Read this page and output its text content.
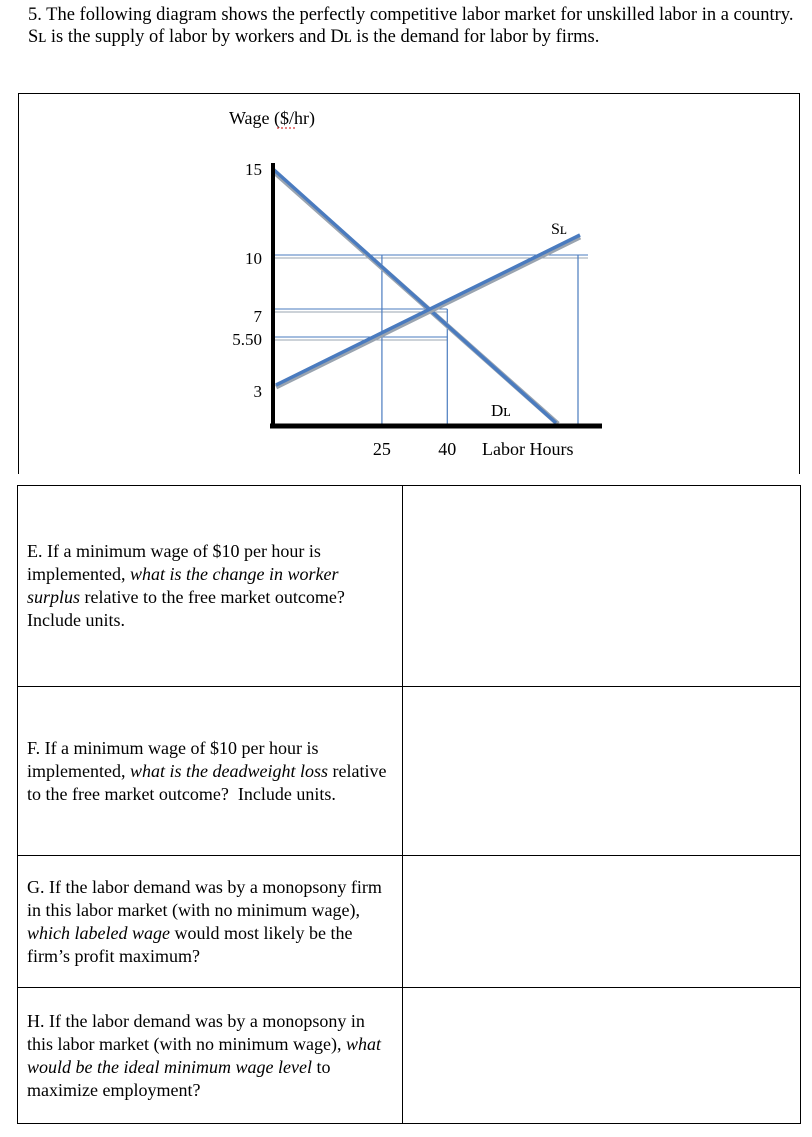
5. The following diagram shows the perfectly competitive labor market for unskilled labor in a country.

Sʟ is the supply of labor by workers and Dʟ is the demand for labor by firms.

Wage ($/hr)
15
10
7
5.50
3
25	40
Sʟ
Dʟ
Labor Hours
E. If a minimum wage of $10 per hour is implemented, what is the change in worker surplus relative to the free market outcome? Include units.	
F. If a minimum wage of $10 per hour is implemented, what is the deadweight loss relative to the free market outcome?  Include units.	
G. If the labor demand was by a monopsony firm in this labor market (with no minimum wage), which labeled wage would most likely be the firm’s profit maximum?	
H. If the labor demand was by a monopsony in this labor market (with no minimum wage), what would be the ideal minimum wage level to maximize employment?	
